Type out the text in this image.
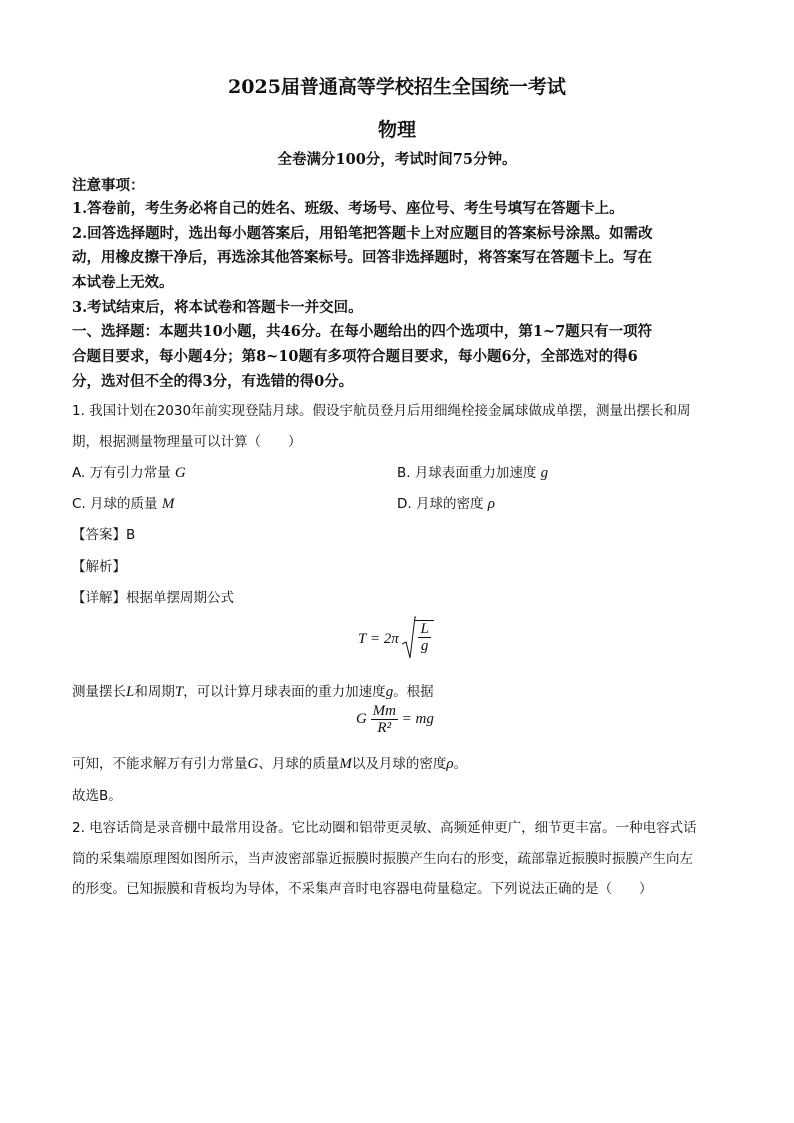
2025届普通高等学校招生全国统一考试
物理
全卷满分100分，考试时间75分钟。
注意事项：
1.答卷前，考生务必将自己的姓名、班级、考场号、座位号、考生号填写在答题卡上。
2.回答选择题时，选出每小题答案后，用铅笔把答题卡上对应题目的答案标号涂黑。如需改
动，用橡皮擦干净后，再选涂其他答案标号。回答非选择题时，将答案写在答题卡上。写在
本试卷上无效。
3.考试结束后，将本试卷和答题卡一并交回。
一、选择题：本题共10小题，共46分。在每小题给出的四个选项中，第1~7题只有一项符
合题目要求，每小题4分；第8~10题有多项符合题目要求，每小题6分，全部选对的得6
分，选对但不全的得3分，有选错的得0分。
1. 我国计划在2030年前实现登陆月球。假设宇航员登月后用细绳栓接金属球做成单摆，测量出摆长和周
期，根据测量物理量可以计算（　　）
A. 万有引力常量 G	B. 月球表面重力加速度 g
C. 月球的质量 M	D. 月球的密度 ρ
【答案】B
【解析】
【详解】根据单摆周期公式
$T = 2\pi \frac{L}{g}$
测量摆长L和周期T，可以计算月球表面的重力加速度g。根据
G $\frac{Mm}{\text{R²}}$ = mg
可知，不能求解万有引力常量G、月球的质量M以及月球的密度ρ。
故选B。
2. 电容话筒是录音棚中最常用设备。它比动圈和铝带更灵敏、高频延伸更广，细节更丰富。一种电容式话
筒的采集端原理图如图所示，当声波密部靠近振膜时振膜产生向右的形变，疏部靠近振膜时振膜产生向左
的形变。已知振膜和背板均为导体，不采集声音时电容器电荷量稳定。下列说法正确的是（　　）
